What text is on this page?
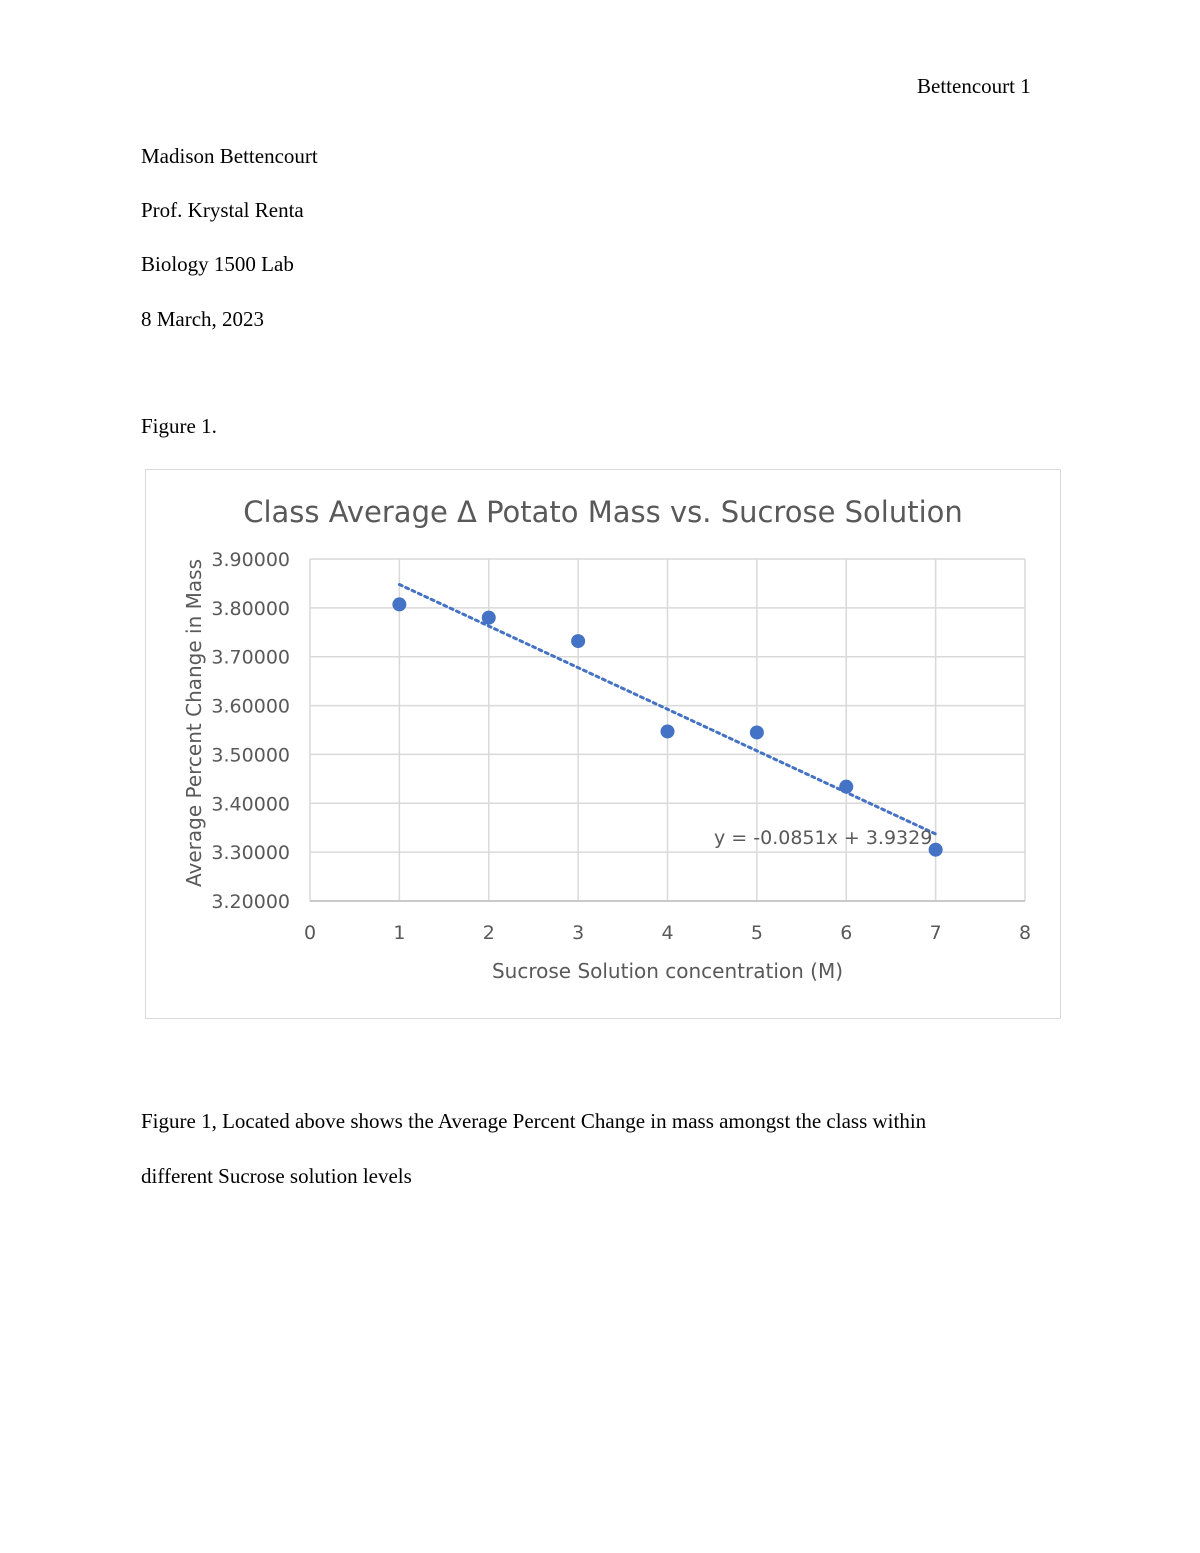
Bettencourt 1
Madison Bettencourt
Prof. Krystal Renta
Biology 1500 Lab
8 March, 2023
Figure 1.
3.20000
3.30000
3.40000
3.50000
3.60000
3.70000
3.80000
3.90000
0	1	2	3	4	5	6	7	8
Class Average Δ Potato Mass vs. Sucrose Solution
Sucrose Solution concentration (M)
Average Percent Change in Mass	y = -0.0851x + 3.9329
Figure 1, Located above shows the Average Percent Change in mass amongst the class within
different Sucrose solution levels
